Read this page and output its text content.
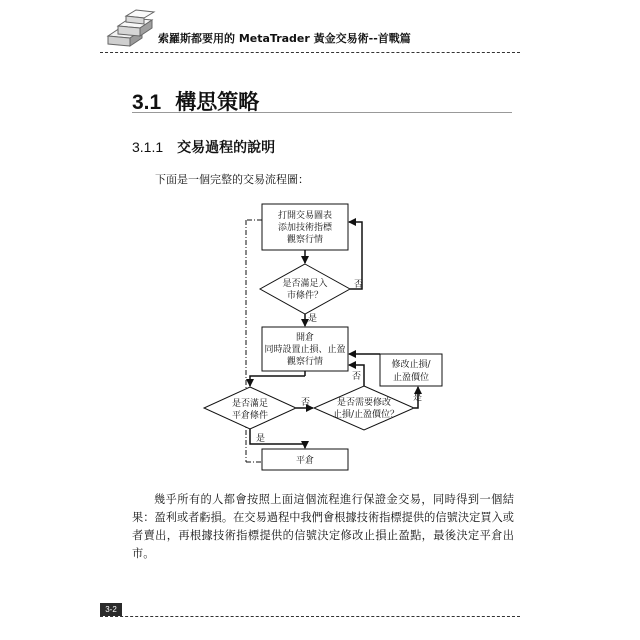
索羅斯都要用的 MetaTrader 黃金交易術--首戰篇
3.1 構思策略
3.1.1 交易過程的說明
下面是一個完整的交易流程圖：
打開交易圖表
添加技術指標
觀察行情
是否滿足入
市條件？
否
是
開倉
同時設置止損、止盈
觀察行情	修改止損/
止盈價位
是否滿足
平倉條件
否	是否需要修改
止損/止盈價位？
是
否
是
平倉
幾乎所有的人都會按照上面這個流程進行保證金交易，同時得到一個結果：盈利或者虧損。在交易過程中我們會根據技術指標提供的信號決定買入或者賣出，再根據技術指標提供的信號決定修改止損止盈點，最後決定平倉出市。
3-2
